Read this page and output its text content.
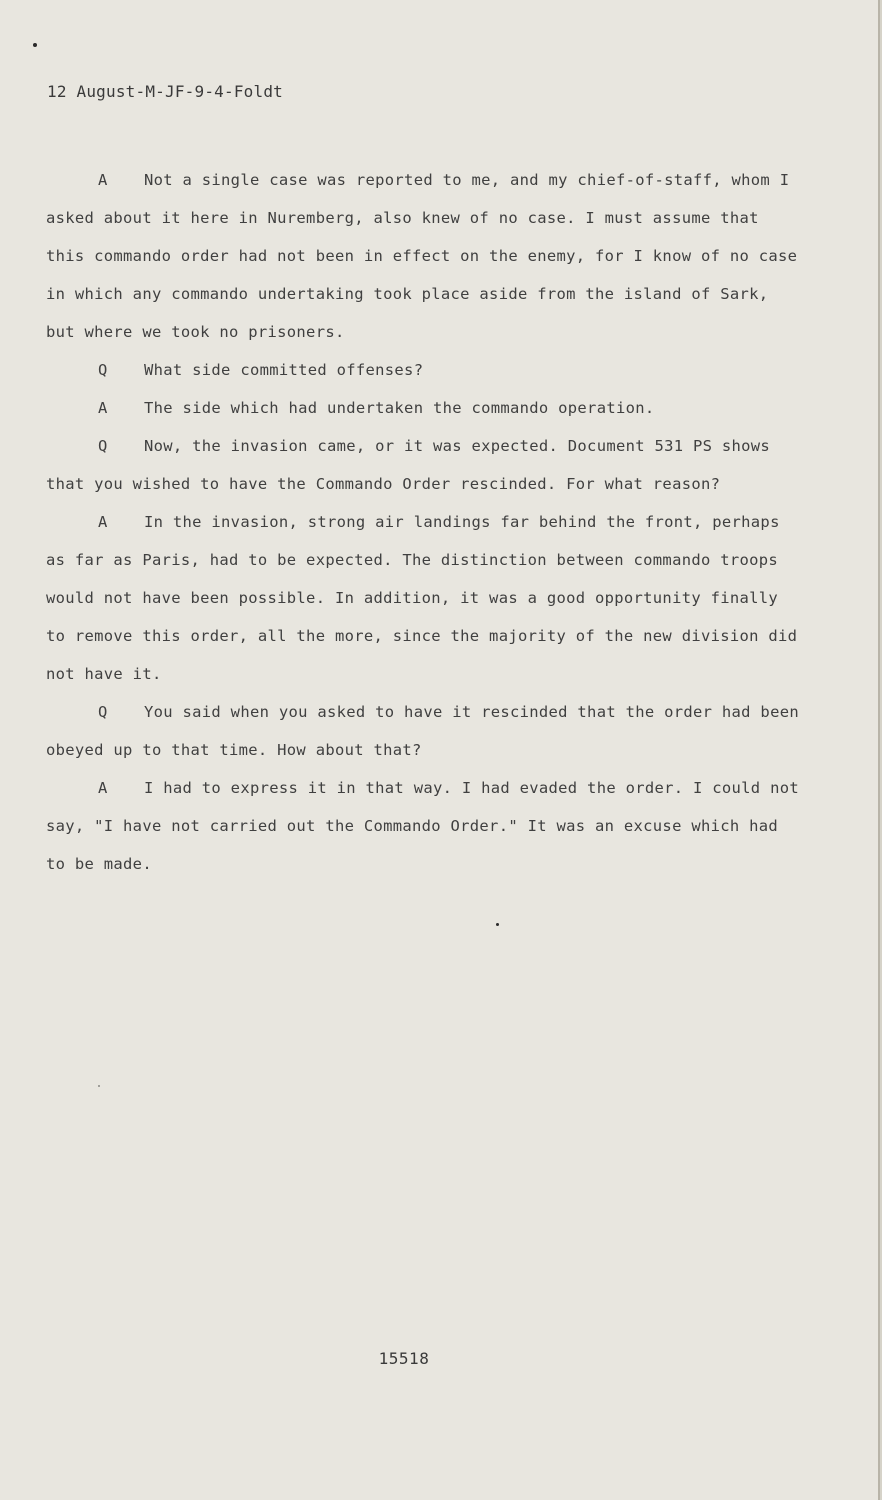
12 August-M-JF-9-4-Foldt

A Not a single case was reported to me, and my chief-of-staff, whom I asked about it here in Nuremberg, also knew of no case. I must assume that this commando order had not been in effect on the enemy, for I know of no case in which any commando undertaking took place aside from the island of Sark, but where we took no prisoners.

Q What side committed offenses?

A The side which had undertaken the commando operation.

Q Now, the invasion came, or it was expected. Document 531 PS shows that you wished to have the Commando Order rescinded. For what reason?

A In the invasion, strong air landings far behind the front, perhaps as far as Paris, had to be expected. The distinction between commando troops would not have been possible. In addition, it was a good opportunity finally to remove this order, all the more, since the majority of the new division did not have it.

Q You said when you asked to have it rescinded that the order had been obeyed up to that time. How about that?

A I had to express it in that way. I had evaded the order. I could not say, "I have not carried out the Commando Order." It was an excuse which had to be made.

15518
